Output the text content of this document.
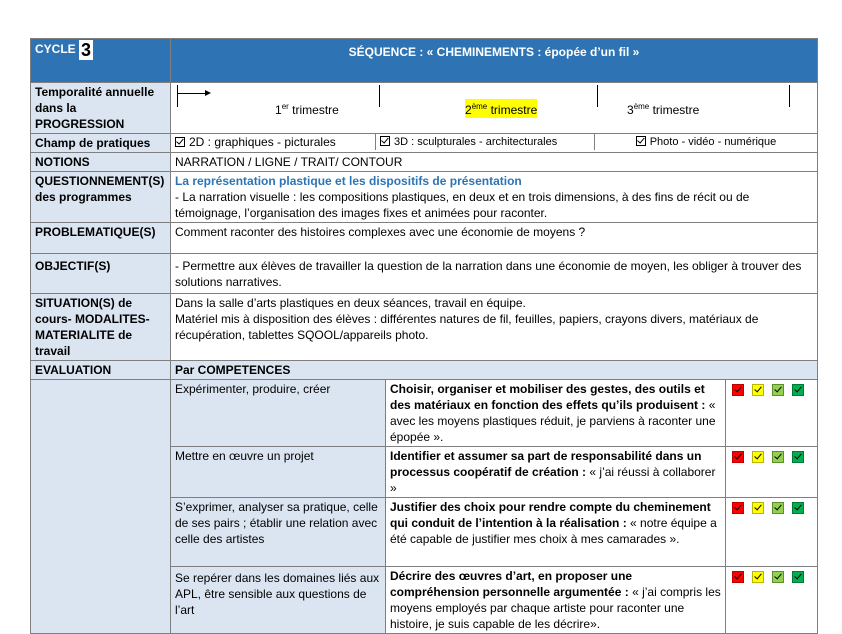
CYCLE 3	SÉQUENCE : « CHEMINEMENTS : épopée d’un fil »		
Temporalité annuelle dans la PROGRESSION	1er trimestre 2ème trimestre 3ème trimestre		

Champ de pratiques	2D : graphiques - picturales 3D : sculpturales - architecturales Photo - vidéo - numérique		

NOTIONS	NARRATION / LIGNE / TRAIT/ CONTOUR		
QUESTIONNEMENT(S) des programmes	La représentation plastique et les dispositifs de présentation
- La narration visuelle : les compositions plastiques, en deux et en trois dimensions, à des fins de récit ou de témoignage, l’organisation des images fixes et animées pour raconter.		

PROBLEMATIQUE(S)	Comment raconter des histoires complexes avec une économie de moyens ?		
OBJECTIF(S)	- Permettre aux élèves de travailler la question de la narration dans une économie de moyen, les obliger à trouver des solutions narratives.		
SITUATION(S) de cours- MODALITES- MATERIALITE de travail	Dans la salle d’arts plastiques en deux séances, travail en équipe.
Matériel mis à disposition des élèves : différentes natures de fil, feuilles, papiers, crayons divers, matériaux de récupération, tablettes SQOOL/appareils photo.		

EVALUATION	Par COMPETENCES		
	Expérimenter, produire, créer	Choisir, organiser et mobiliser des gestes, des outils et des matériaux en fonction des effets qu’ils produisent : « avec les moyens plastiques réduit, je parviens à raconter une épopée ».	
	Mettre en œuvre un projet	Identifier et assumer sa part de responsabilité dans un processus coopératif de création : « j’ai réussi à collaborer »	
	S’exprimer, analyser sa pratique, celle de ses pairs ; établir une relation avec celle des artistes	Justifier des choix pour rendre compte du cheminement qui conduit de l’intention à la réalisation : « notre équipe a été capable de justifier mes choix à mes camarades ».	
	Se repérer dans les domaines liés aux APL, être sensible aux questions de l’art	Décrire des œuvres d’art, en proposer une compréhension personnelle argumentée : « j’ai compris les moyens employés par chaque artiste pour raconter une histoire, je suis capable de les décrire».	
